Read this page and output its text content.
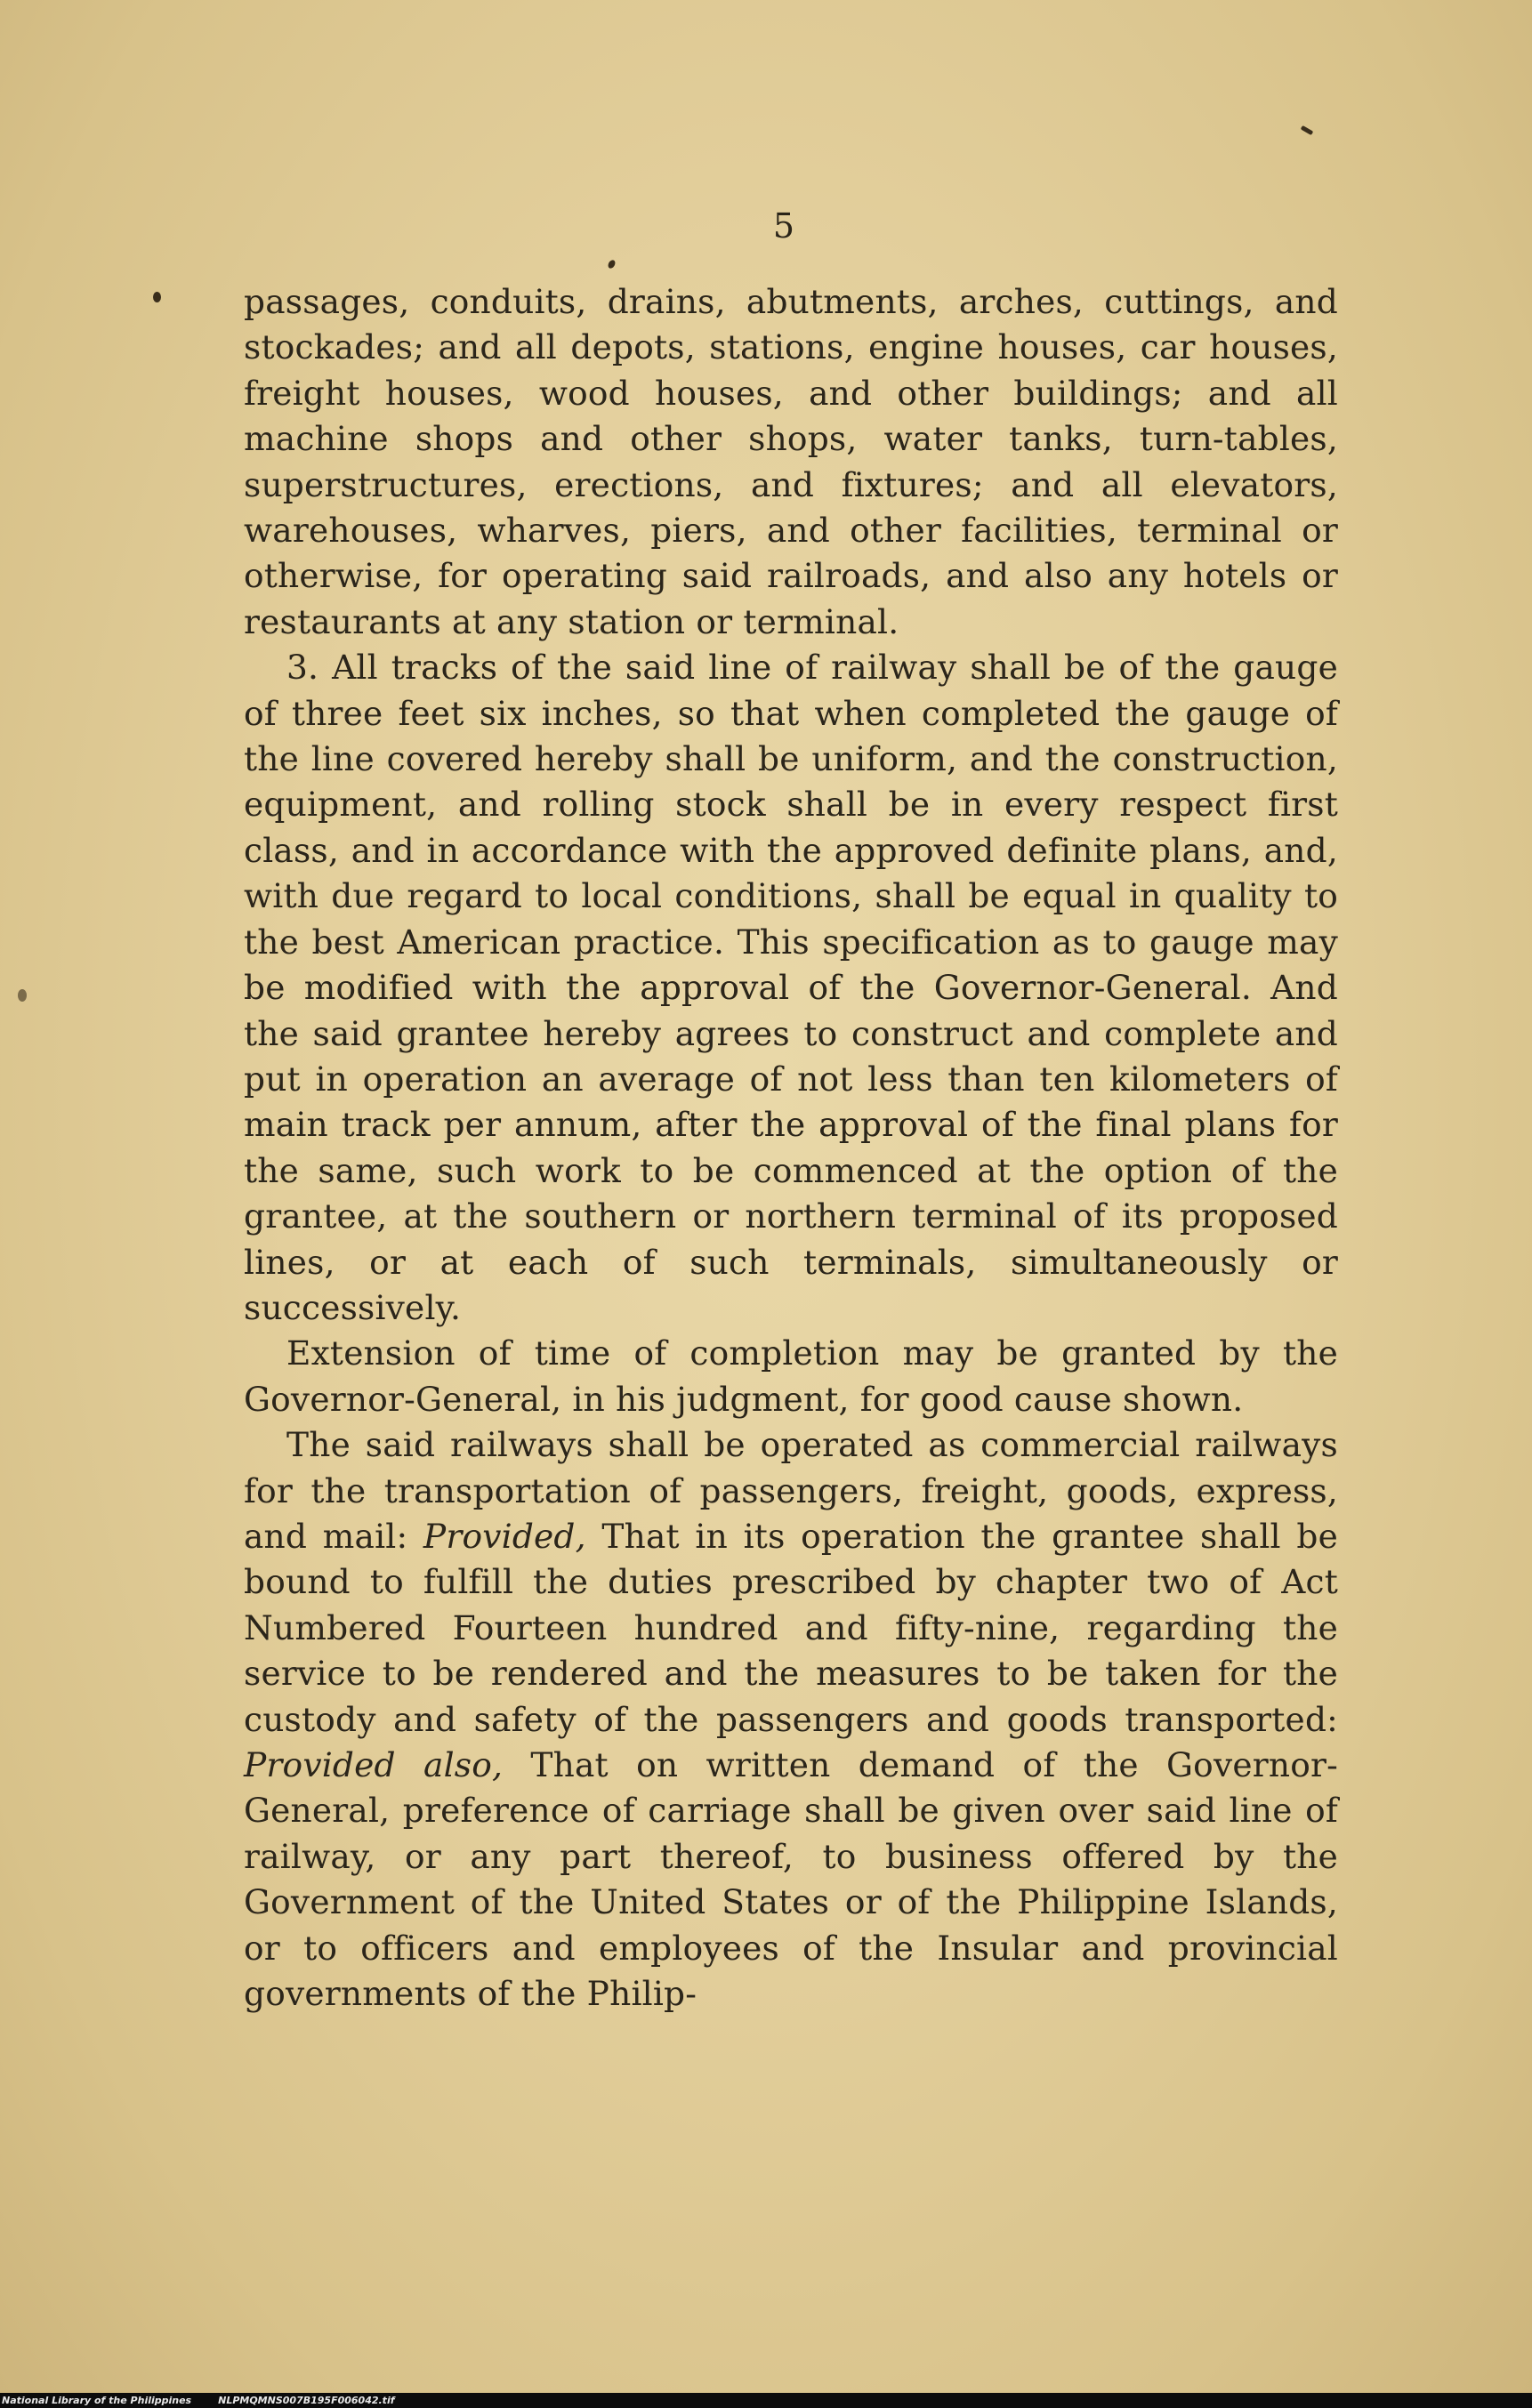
5

passages, conduits, drains, abutments, arches, cuttings, and stockades; and all depots, stations, engine houses, car houses, freight houses, wood houses, and other buildings; and all machine shops and other shops, water tanks, turn-tables, superstructures, erections, and fixtures; and all elevators, warehouses, wharves, piers, and other facilities, terminal or otherwise, for operating said railroads, and also any hotels or restaurants at any station or terminal.

3. All tracks of the said line of railway shall be of the gauge of three feet six inches, so that when completed the gauge of the line covered hereby shall be uniform, and the construction, equipment, and rolling stock shall be in every respect first class, and in accordance with the approved definite plans, and, with due regard to local conditions, shall be equal in quality to the best American practice. This specification as to gauge may be modified with the approval of the Governor-General. And the said grantee hereby agrees to construct and complete and put in operation an average of not less than ten kilometers of main track per annum, after the approval of the final plans for the same, such work to be commenced at the option of the grantee, at the southern or northern terminal of its proposed lines, or at each of such terminals, simultaneously or successively.

Extension of time of completion may be granted by the Governor-General, in his judgment, for good cause shown.

The said railways shall be operated as commercial railways for the transportation of passengers, freight, goods, express, and mail: Provided, That in its operation the grantee shall be bound to fulfill the duties prescribed by chapter two of Act Numbered Fourteen hundred and fifty-nine, regarding the service to be rendered and the measures to be taken for the custody and safety of the passengers and goods transported: Provided also, That on written demand of the Governor-General, preference of carriage shall be given over said line of railway, or any part thereof, to business offered by the Government of the United States or of the Philippine Islands, or to officers and employees of the Insular and provincial governments of the Philip-

National Library of the Philippines	NLPMQMNS007B195F006042.tif
